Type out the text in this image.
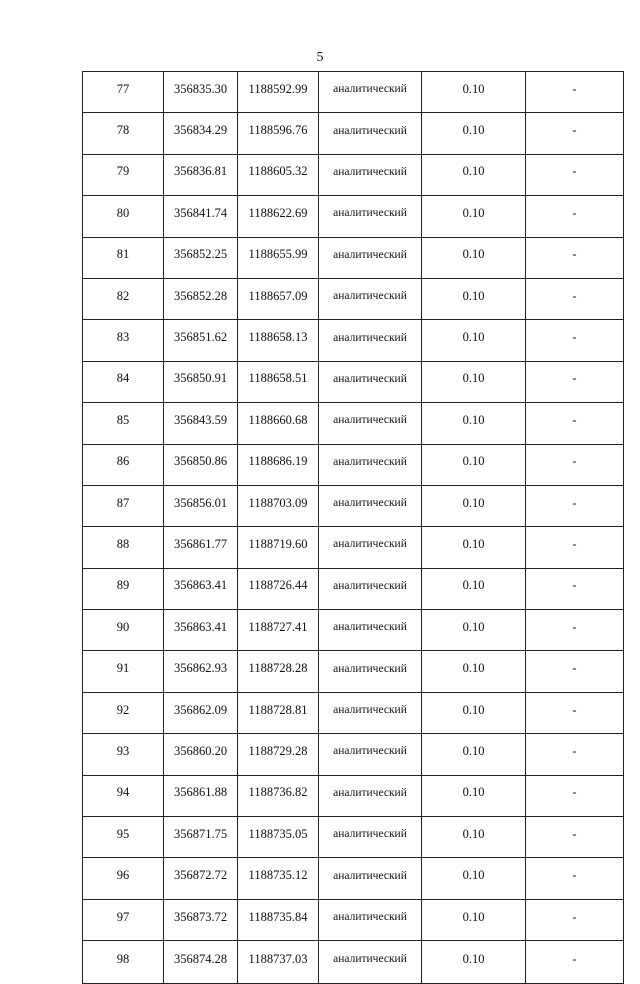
5
77	356835.30	1188592.99	аналитический	0.10	-
78	356834.29	1188596.76	аналитический	0.10	-
79	356836.81	1188605.32	аналитический	0.10	-
80	356841.74	1188622.69	аналитический	0.10	-
81	356852.25	1188655.99	аналитический	0.10	-
82	356852.28	1188657.09	аналитический	0.10	-
83	356851.62	1188658.13	аналитический	0.10	-
84	356850.91	1188658.51	аналитический	0.10	-
85	356843.59	1188660.68	аналитический	0.10	-
86	356850.86	1188686.19	аналитический	0.10	-
87	356856.01	1188703.09	аналитический	0.10	-
88	356861.77	1188719.60	аналитический	0.10	-
89	356863.41	1188726.44	аналитический	0.10	-
90	356863.41	1188727.41	аналитический	0.10	-
91	356862.93	1188728.28	аналитический	0.10	-
92	356862.09	1188728.81	аналитический	0.10	-
93	356860.20	1188729.28	аналитический	0.10	-
94	356861.88	1188736.82	аналитический	0.10	-
95	356871.75	1188735.05	аналитический	0.10	-
96	356872.72	1188735.12	аналитический	0.10	-
97	356873.72	1188735.84	аналитический	0.10	-
98	356874.28	1188737.03	аналитический	0.10	-
